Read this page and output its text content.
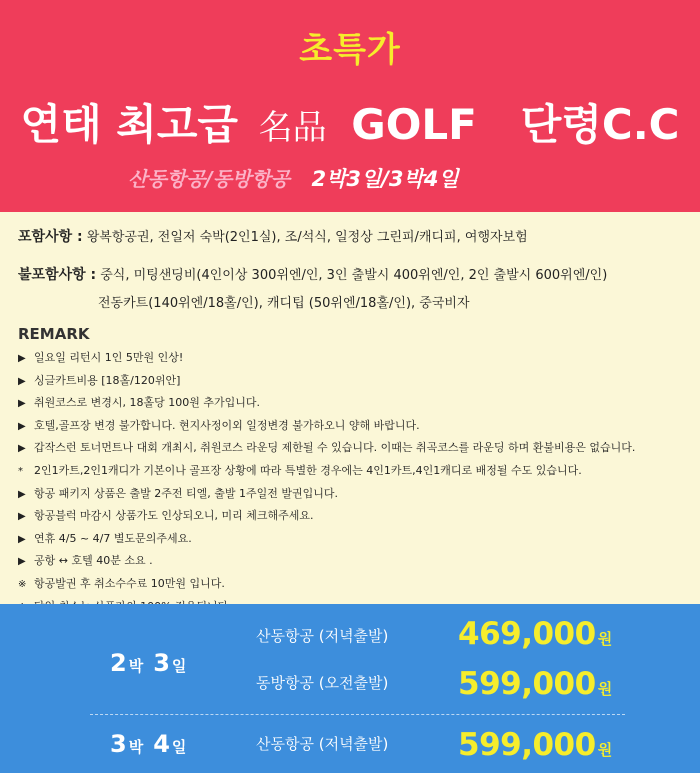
초특가
연태 최고급 名品 GOLF 단령C.C
산동항공/동방항공 2박3일/3박4일
포함사항 : 왕복항공권, 전일저 숙박(2인1실), 조/석식, 일정상 그린피/캐디피, 여행자보험
불포함사항 : 중식, 미팅샌딩비(4인이상 300위엔/인, 3인 출발시 400위엔/인, 2인 출발시 600위엔/인)
전동카트(140위엔/18홀/인), 캐디팁 (50위엔/18홀/인), 중국비자
REMARK
▶ 일요일 리턴시 1인 5만원 인상!
▶ 싱글카트비용 [18홀/120위안]
▶ 취원코스로 변경시, 18홀당 100원 추가입니다.
▶ 호텔,골프장 변경 불가합니다. 현지사정이외 일정변경 불가하오니 양해 바랍니다.
▶ 갑작스런 토너먼트나 대회 개최시, 취원코스 라운딩 제한될 수 있습니다. 이때는 취곡코스를 라운딩 하며 환불비용은 없습니다.
* 2인1카트,2인1캐디가 기본이나 골프장 상황에 따라 특별한 경우에는 4인1카트,4인1캐디로 배정될 수도 있습니다.
▶ 항공 패키지 상품은 출발 2주전 티엘, 출발 1주일전 발권입니다.
▶ 항공블럭 마감시 상품가도 인상되오니, 미리 체크해주세요.
▶ 연휴 4/5 ~ 4/7 별도문의주세요.
▶ 공항 ↔ 호텔 40분 소요 .
※ 항공발권 후 취소수수료 10만원 입니다.
2 박 3 일
3 박 4 일
산동항공 (저녁출발) 469,000 원
동방항공 (오전출발) 599,000 원
산동항공 (저녁출발) 599,000 원
